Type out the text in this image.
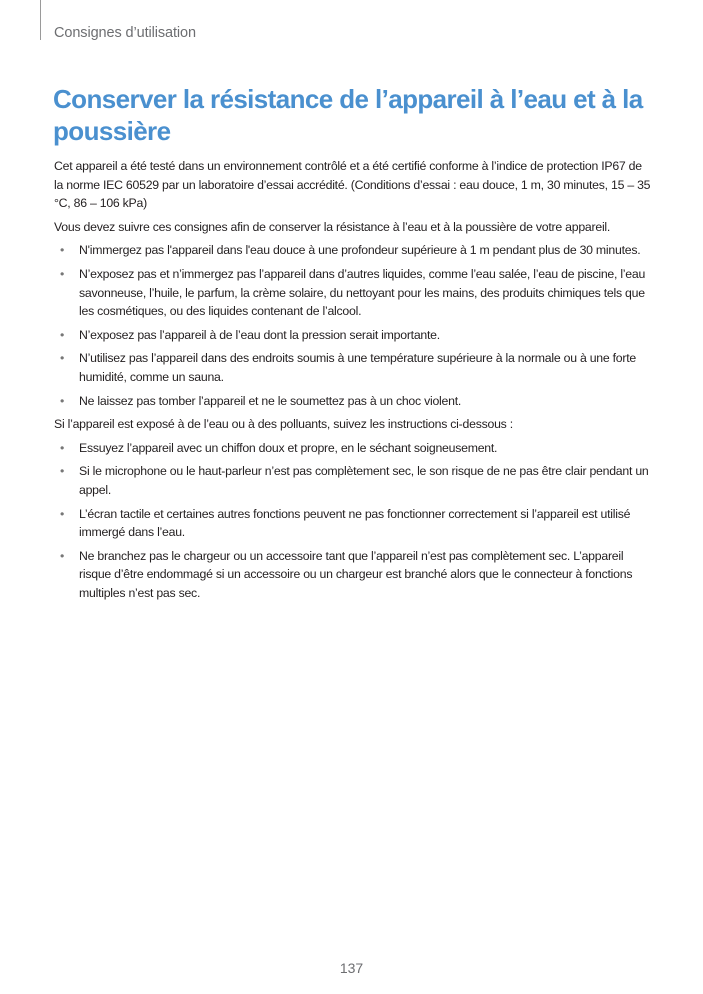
Consignes d’utilisation
Conserver la résistance de l’appareil à l’eau et à la poussière

Cet appareil a été testé dans un environnement contrôlé et a été certifié conforme à l’indice de protection IP67 de la norme IEC 60529 par un laboratoire d’essai accrédité. (Conditions d’essai : eau douce, 1 m, 30 minutes, 15 – 35 °C, 86 – 106 kPa)

Vous devez suivre ces consignes afin de conserver la résistance à l’eau et à la poussière de votre appareil.

• N'immergez pas l'appareil dans l'eau douce à une profondeur supérieure à 1 m pendant plus de 30 minutes.
• N’exposez pas et n’immergez pas l’appareil dans d’autres liquides, comme l’eau salée, l’eau de piscine, l’eau savonneuse, l’huile, le parfum, la crème solaire, du nettoyant pour les mains, des produits chimiques tels que les cosmétiques, ou des liquides contenant de l’alcool.
• N’exposez pas l’appareil à de l’eau dont la pression serait importante.
• N’utilisez pas l’appareil dans des endroits soumis à une température supérieure à la normale ou à une forte humidité, comme un sauna.
• Ne laissez pas tomber l’appareil et ne le soumettez pas à un choc violent.

Si l’appareil est exposé à de l’eau ou à des polluants, suivez les instructions ci-dessous :

• Essuyez l’appareil avec un chiffon doux et propre, en le séchant soigneusement.
• Si le microphone ou le haut-parleur n’est pas complètement sec, le son risque de ne pas être clair pendant un appel.
• L’écran tactile et certaines autres fonctions peuvent ne pas fonctionner correctement si l’appareil est utilisé immergé dans l’eau.
• Ne branchez pas le chargeur ou un accessoire tant que l’appareil n’est pas complètement sec. L’appareil risque d’être endommagé si un accessoire ou un chargeur est branché alors que le connecteur à fonctions multiples n’est pas sec.
137
